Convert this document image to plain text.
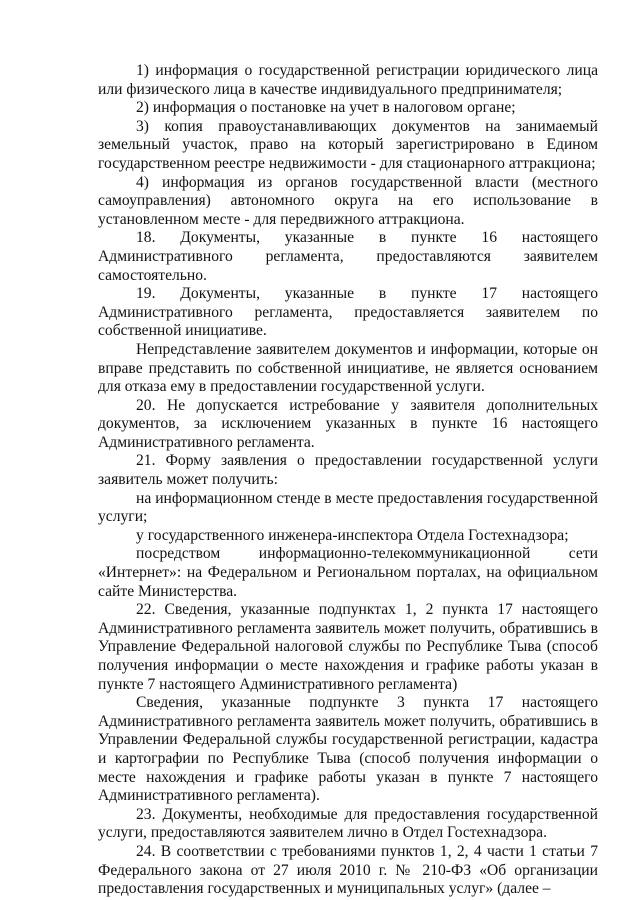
1) информация о государственной регистрации юридического лица или физического лица в качестве индивидуального предпринимателя;

2) информация о постановке на учет в налоговом органе;

3) копия правоустанавливающих документов на занимаемый земельный участок, право на который зарегистрировано в Едином государственном реестре недвижимости - для стационарного аттракциона;

4) информация из органов государственной власти (местного самоуправления) автономного округа на его использование в установленном месте - для передвижного аттракциона.

18. Документы, указанные в пункте 16 настоящего Административного регламента, предоставляются заявителем самостоятельно.

19. Документы, указанные в пункте 17 настоящего Административного регламента, предоставляется заявителем по собственной инициативе.

Непредставление заявителем документов и информации, которые он вправе представить по собственной инициативе, не является основанием для отказа ему в предоставлении государственной услуги.

20. Не допускается истребование у заявителя дополнительных документов, за исключением указанных в пункте 16 настоящего Административного регламента.

21. Форму заявления о предоставлении государственной услуги заявитель может получить:

на информационном стенде в месте предоставления государственной услуги;

у государственного инженера-инспектора Отдела Гостехнадзора;

посредством информационно-телекоммуникационной сети «Интернет»: на Федеральном и Региональном порталах, на официальном сайте Министерства.

22. Сведения, указанные подпунктах 1, 2 пункта 17 настоящего Административного регламента заявитель может получить, обратившись в Управление Федеральной налоговой службы по Республике Тыва (способ получения информации о месте нахождения и графике работы указан в пункте 7 настоящего Административного регламента)

Сведения, указанные подпункте 3 пункта 17 настоящего Административного регламента заявитель может получить, обратившись в Управлении Федеральной службы государственной регистрации, кадастра и картографии по Республике Тыва (способ получения информации о месте нахождения и графике работы указан в пункте 7 настоящего Административного регламента).

23. Документы, необходимые для предоставления государственной услуги, предоставляются заявителем лично в Отдел Гостехнадзора.

24. В соответствии с требованиями пунктов 1, 2, 4 части 1 статьи 7 Федерального закона от 27 июля 2010 г. № 210-ФЗ «Об организации предоставления государственных и муниципальных услуг» (далее –
